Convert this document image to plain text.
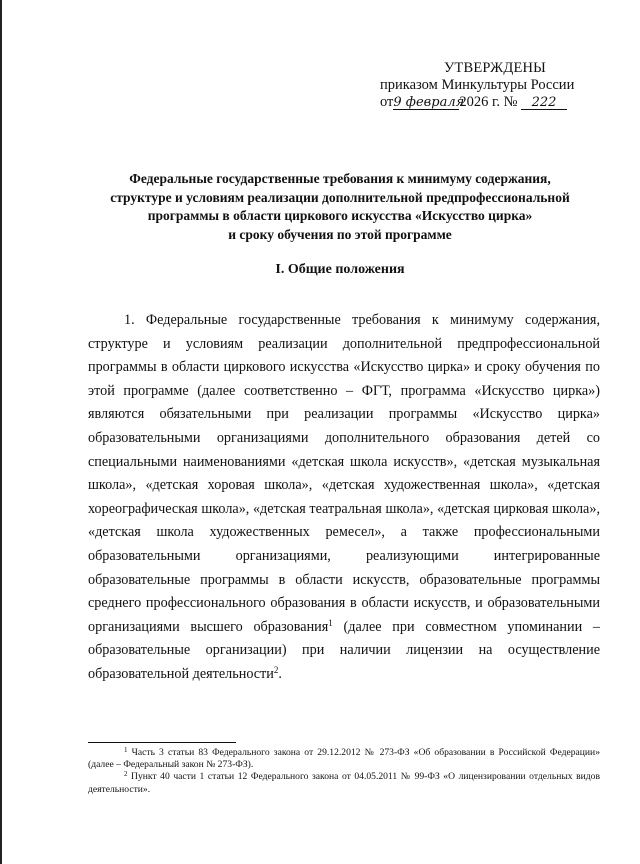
УТВЕРЖДЕНЫ
приказом Минкультуры России
от9 февраля2026 г. № 222
Федеральные государственные требования к минимуму содержания,
структуре и условиям реализации дополнительной предпрофессиональной
программы в области циркового искусства «Искусство цирка»
и сроку обучения по этой программе
I. Общие положения

1. Федеральные государственные требования к минимуму содержания, структуре и условиям реализации дополнительной предпрофессиональной программы в области циркового искусства «Искусство цирка» и сроку обучения по этой программе (далее соответственно – ФГТ, программа «Искусство цирка») являются обязательными при реализации программы «Искусство цирка» образовательными организациями дополнительного образования детей со специальными наименованиями «детская школа искусств», «детская музыкальная школа», «детская хоровая школа», «детская художественная школа», «детская хореографическая школа», «детская театральная школа», «детская цирковая школа», «детская школа художественных ремесел», а также профессиональными образовательными организациями, реализующими интегрированные образовательные программы в области искусств, образовательные программы среднего профессионального образования в области искусств, и образовательными организациями высшего образования$^1$ (далее при совместном упоминании – образовательные организации) при наличии лицензии на осуществление образовательной деятельности$^2$.

$^1$ Часть 3 статьи 83 Федерального закона от 29.12.2012 № 273-ФЗ «Об образовании в Российской Федерации» (далее – Федеральный закон № 273-ФЗ).

$^2$ Пункт 40 части 1 статьи 12 Федерального закона от 04.05.2011 № 99-ФЗ «О лицензировании отдельных видов деятельности».
